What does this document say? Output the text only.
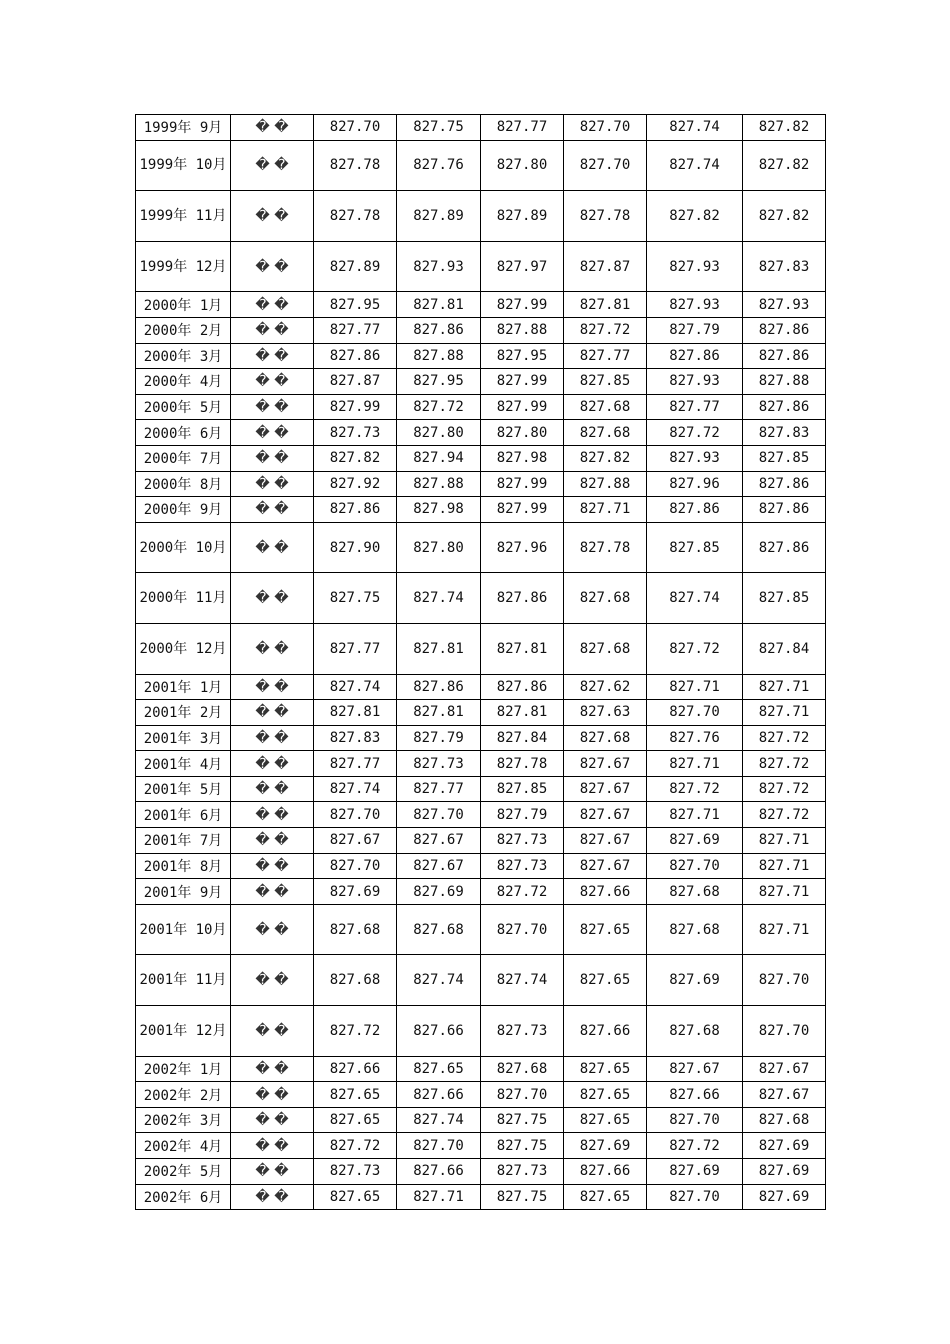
1999年 9月	� �	827.70	827.75	827.77	827.70	827.74	827.82
1999年 10月	� �	827.78	827.76	827.80	827.70	827.74	827.82
1999年 11月	� �	827.78	827.89	827.89	827.78	827.82	827.82
1999年 12月	� �	827.89	827.93	827.97	827.87	827.93	827.83
2000年 1月	� �	827.95	827.81	827.99	827.81	827.93	827.93
2000年 2月	� �	827.77	827.86	827.88	827.72	827.79	827.86
2000年 3月	� �	827.86	827.88	827.95	827.77	827.86	827.86
2000年 4月	� �	827.87	827.95	827.99	827.85	827.93	827.88
2000年 5月	� �	827.99	827.72	827.99	827.68	827.77	827.86
2000年 6月	� �	827.73	827.80	827.80	827.68	827.72	827.83
2000年 7月	� �	827.82	827.94	827.98	827.82	827.93	827.85
2000年 8月	� �	827.92	827.88	827.99	827.88	827.96	827.86
2000年 9月	� �	827.86	827.98	827.99	827.71	827.86	827.86
2000年 10月	� �	827.90	827.80	827.96	827.78	827.85	827.86
2000年 11月	� �	827.75	827.74	827.86	827.68	827.74	827.85
2000年 12月	� �	827.77	827.81	827.81	827.68	827.72	827.84
2001年 1月	� �	827.74	827.86	827.86	827.62	827.71	827.71
2001年 2月	� �	827.81	827.81	827.81	827.63	827.70	827.71
2001年 3月	� �	827.83	827.79	827.84	827.68	827.76	827.72
2001年 4月	� �	827.77	827.73	827.78	827.67	827.71	827.72
2001年 5月	� �	827.74	827.77	827.85	827.67	827.72	827.72
2001年 6月	� �	827.70	827.70	827.79	827.67	827.71	827.72
2001年 7月	� �	827.67	827.67	827.73	827.67	827.69	827.71
2001年 8月	� �	827.70	827.67	827.73	827.67	827.70	827.71
2001年 9月	� �	827.69	827.69	827.72	827.66	827.68	827.71
2001年 10月	� �	827.68	827.68	827.70	827.65	827.68	827.71
2001年 11月	� �	827.68	827.74	827.74	827.65	827.69	827.70
2001年 12月	� �	827.72	827.66	827.73	827.66	827.68	827.70
2002年 1月	� �	827.66	827.65	827.68	827.65	827.67	827.67
2002年 2月	� �	827.65	827.66	827.70	827.65	827.66	827.67
2002年 3月	� �	827.65	827.74	827.75	827.65	827.70	827.68
2002年 4月	� �	827.72	827.70	827.75	827.69	827.72	827.69
2002年 5月	� �	827.73	827.66	827.73	827.66	827.69	827.69
2002年 6月	� �	827.65	827.71	827.75	827.65	827.70	827.69
